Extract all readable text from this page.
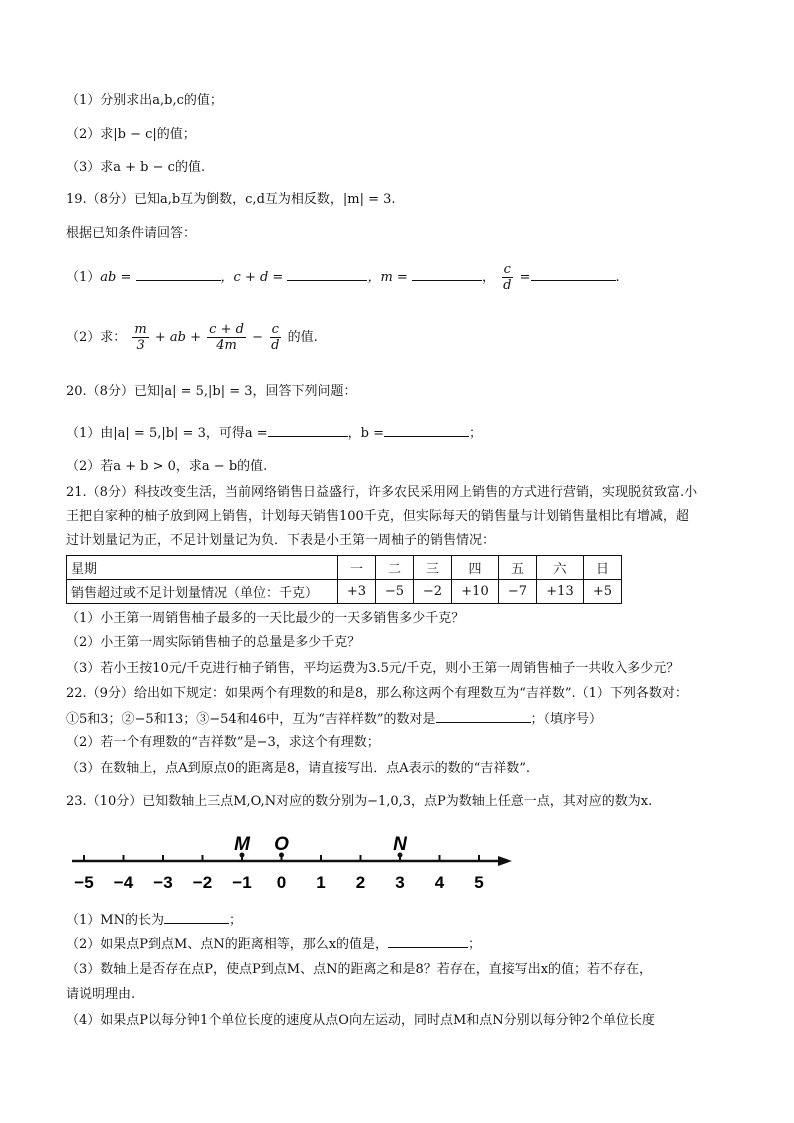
（1）分别求出a,b,c的值；
（2）求|b − c|的值；
（3）求a + b − c的值.
19.（8分）已知a,b互为倒数，c,d互为相反数，|m| = 3.
根据已知条件请回答：
（1）ab =	，c + d =	，m =	， $\frac{c}{d}$ =	.
（2）求： $\frac{m}{3}$ + ab + $\frac{c + d}{4m} - \frac{c}{d}$ 的值.
20.（8分）已知|a| = 5,|b| = 3，回答下列问题：
（1）由|a| = 5,|b| = 3，可得a =	，b =	；
（2）若a + b > 0，求a − b的值.
21.（8分）科技改变生活，当前网络销售日益盛行，许多农民采用网上销售的方式进行营销，实现脱贫致富.小
王把自家种的柚子放到网上销售，计划每天销售100千克，但实际每天的销售量与计划销售量相比有增减，超
过计划量记为正，不足计划量记为负．下表是小王第一周柚子的销售情况：
星期	一	二	三	四	五	六	日
销售超过或不足计划量情况（单位：千克）	+3	−5	−2	+10	−7	+13	+5
（1）小王第一周销售柚子最多的一天比最少的一天多销售多少千克？
（2）小王第一周实际销售柚子的总量是多少千克？
（3）若小王按10元/千克进行柚子销售，平均运费为3.5元/千克，则小王第一周销售柚子一共收入多少元？
22.（9分）给出如下规定：如果两个有理数的和是8，那么称这两个有理数互为“吉祥数”.（1）下列各数对：
①5和3；②−5和13；③−54和46中，互为“吉祥样数”的数对是	；（填序号）
（2）若一个有理数的“吉祥数”是−3，求这个有理数；
（3）在数轴上，点A到原点0的距离是8，请直接写出．点A表示的数的“吉祥数”.
23.（10分）已知数轴上三点M,O,N对应的数分别为−1,0,3，点P为数轴上任意一点，其对应的数为x.
−5 −4 −3 −2 −1 0 1 2 3 4 5
M O	N
（1）MN的长为	；
（2）如果点P到点M、点N的距离相等，那么x的值是，	；
（3）数轴上是否存在点P，使点P到点M、点N的距离之和是8？若存在，直接写出x的值；若不存在，
请说明理由.
（4）如果点P以每分钟1个单位长度的速度从点O向左运动，同时点M和点N分别以每分钟2个单位长度
